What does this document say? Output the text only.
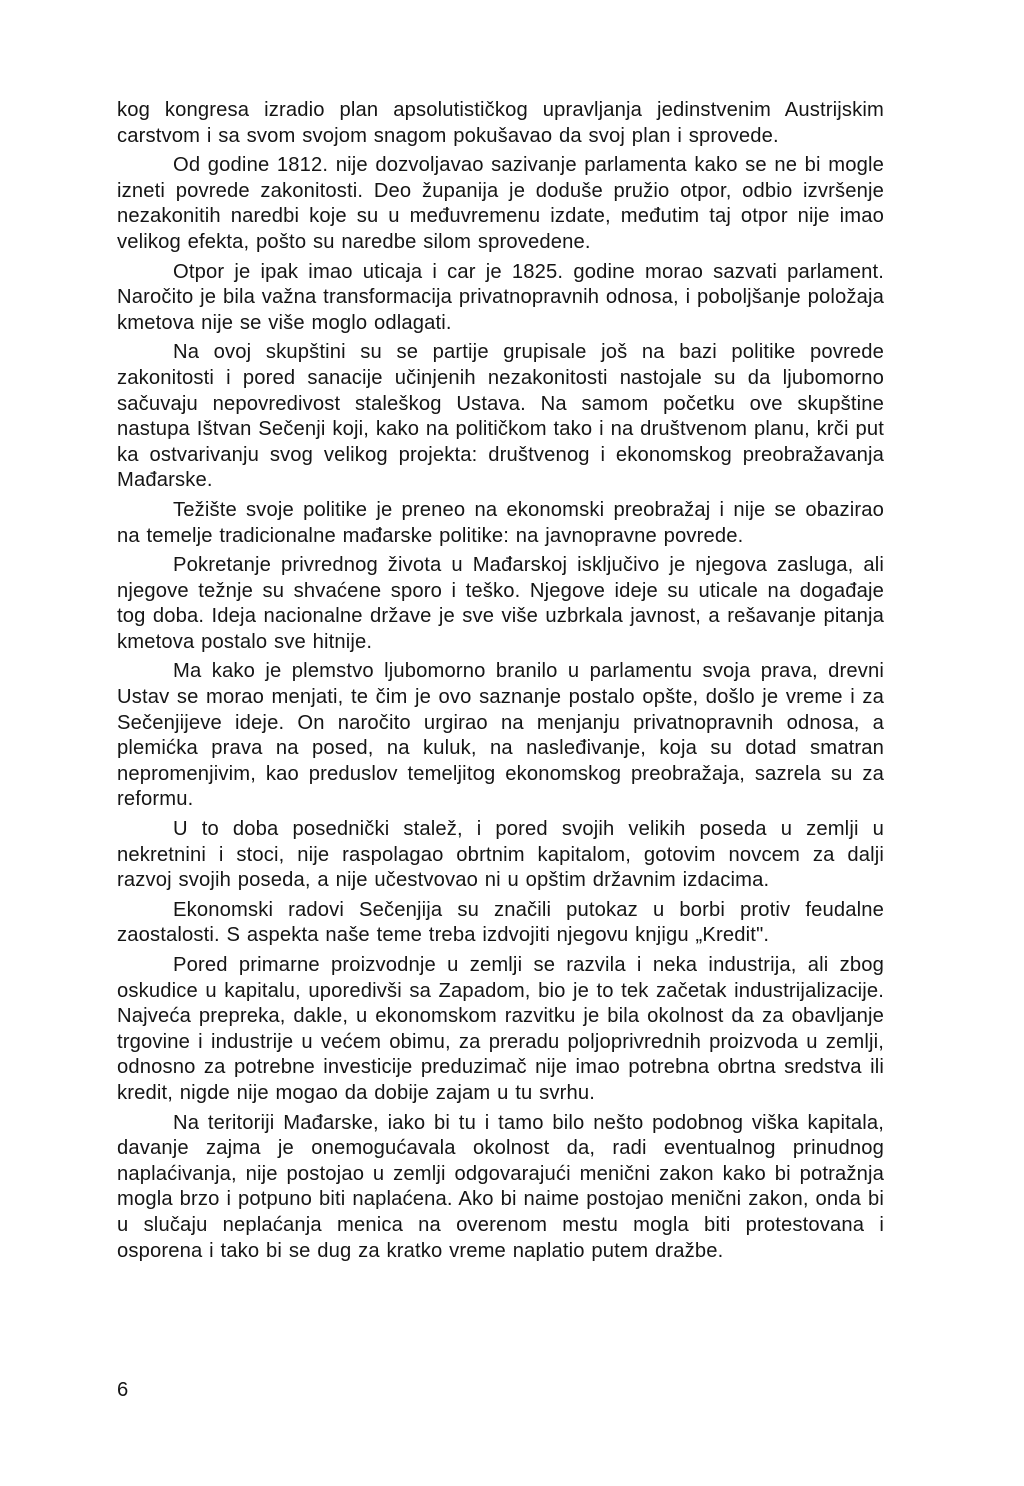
kog kongresa izradio plan apsolutističkog upravljanja jedinstvenim Austrijskim carstvom i sa svom svojom snagom pokušavao da svoj plan i sprovede.

Od godine 1812. nije dozvoljavao sazivanje parlamenta kako se ne bi mogle izneti povrede zakonitosti. Deo županija je doduše pružio otpor, odbio izvršenje nezakonitih naredbi koje su u međuvremenu izdate, međutim taj otpor nije imao velikog efekta, pošto su naredbe silom sprovedene.

Otpor je ipak imao uticaja i car je 1825. godine morao sazvati parlament. Naročito je bila važna transformacija privatnopravnih odnosa, i poboljšanje položaja kmetova nije se više moglo odlagati.

Na ovoj skupštini su se partije grupisale još na bazi politike povrede zakonitosti i pored sanacije učinjenih nezakonitosti nastojale su da ljubomorno sačuvaju nepovredivost staleškog Ustava. Na samom početku ove skupštine nastupa Ištvan Sečenji koji, kako na političkom tako i na društvenom planu, krči put ka ostvarivanju svog velikog projekta: društvenog i ekonomskog preobražavanja Mađarske.

Težište svoje politike je preneo na ekonomski preobražaj i nije se obazirao na temelje tradicionalne mađarske politike: na javnopravne povrede.

Pokretanje privrednog života u Mađarskoj isključivo je njegova zasluga, ali njegove težnje su shvaćene sporo i teško. Njegove ideje su uticale na događaje tog doba. Ideja nacionalne države je sve više uzbrkala javnost, a rešavanje pitanja kmetova postalo sve hitnije.

Ma kako je plemstvo ljubomorno branilo u parlamentu svoja prava, drevni Ustav se morao menjati, te čim je ovo saznanje postalo opšte, došlo je vreme i za Sečenjijeve ideje. On naročito urgirao na menjanju privatnopravnih odnosa, a plemićka prava na posed, na kuluk, na nasleđivanje, koja su dotad smatran nepromenjivim, kao preduslov temeljitog ekonomskog preobražaja, sazrela su za reformu.

U to doba posednički stalež, i pored svojih velikih poseda u zemlji u nekretnini i stoci, nije raspolagao obrtnim kapitalom, gotovim novcem za dalji razvoj svojih poseda, a nije učestvovao ni u opštim državnim izdacima.

Ekonomski radovi Sečenjija su značili putokaz u borbi protiv feudalne zaostalosti. S aspekta naše teme treba izdvojiti njegovu knjigu „Kredit".

Pored primarne proizvodnje u zemlji se razvila i neka industrija, ali zbog oskudice u kapitalu, uporedivši sa Zapadom, bio je to tek začetak industrijalizacije. Najveća prepreka, dakle, u ekonomskom razvitku je bila okolnost da za obavljanje trgovine i industrije u većem obimu, za preradu poljoprivrednih proizvoda u zemlji, odnosno za potrebne investicije preduzimač nije imao potrebna obrtna sredstva ili kredit, nigde nije mogao da dobije zajam u tu svrhu.

Na teritoriji Mađarske, iako bi tu i tamo bilo nešto podobnog viška kapitala, davanje zajma je onemogućavala okolnost da, radi eventualnog prinudnog naplaćivanja, nije postojao u zemlji odgovarajući menični zakon kako bi potražnja mogla brzo i potpuno biti naplaćena. Ako bi naime postojao menični zakon, onda bi u slučaju neplaćanja menica na overenom mestu mogla biti protestovana i osporena i tako bi se dug za kratko vreme naplatio putem dražbe.

6
